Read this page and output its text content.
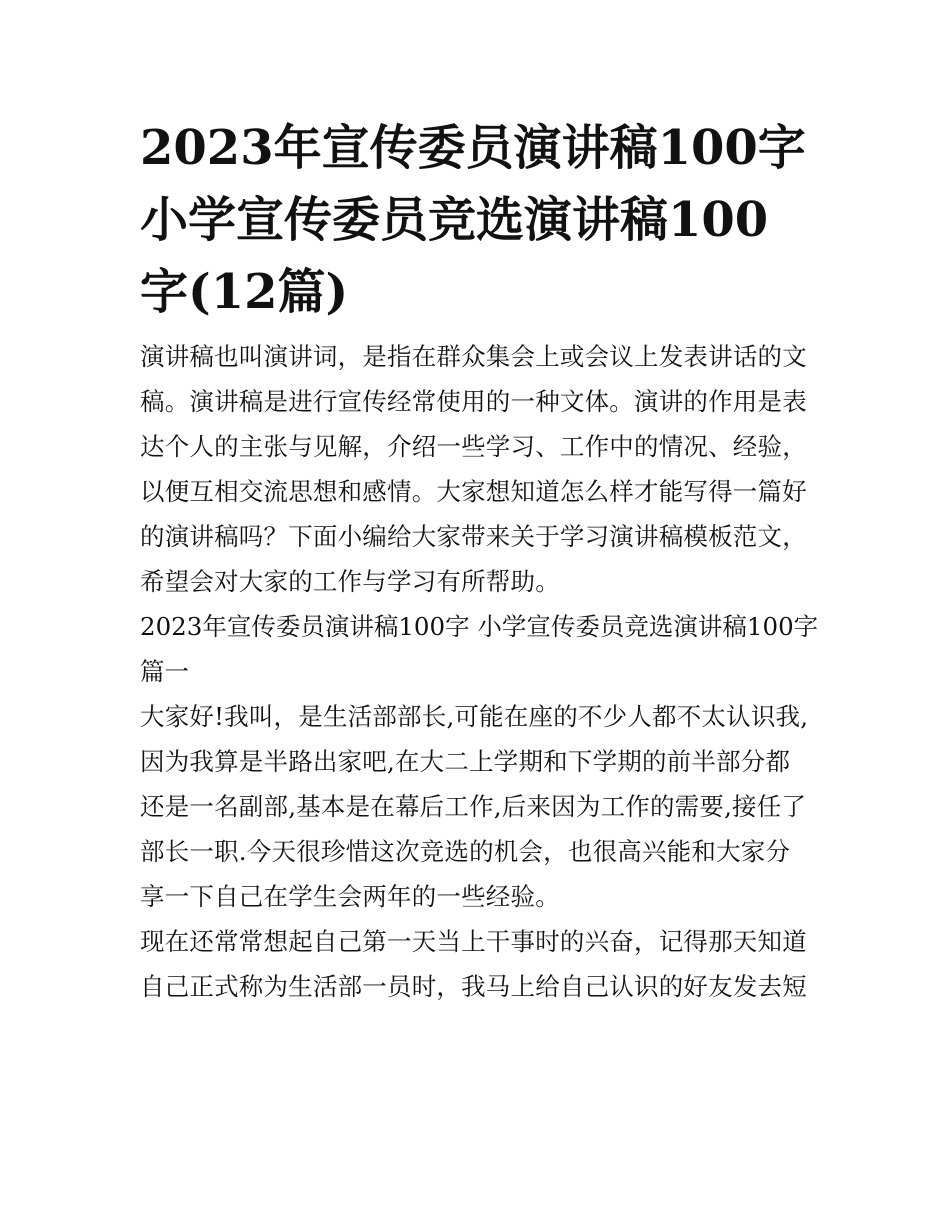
2023年宣传委员演讲稿100字
小学宣传委员竞选演讲稿100
字(12篇)

演讲稿也叫演讲词，是指在群众集会上或会议上发表讲话的文
稿。演讲稿是进行宣传经常使用的一种文体。演讲的作用是表
达个人的主张与见解，介绍一些学习、工作中的情况、经验，
以便互相交流思想和感情。大家想知道怎么样才能写得一篇好
的演讲稿吗？下面小编给大家带来关于学习演讲稿模板范文，
希望会对大家的工作与学习有所帮助。

2023年宣传委员演讲稿100字 小学宣传委员竞选演讲稿100字
篇一

大家好!我叫，是生活部部长,可能在座的不少人都不太认识我,
因为我算是半路出家吧,在大二上学期和下学期的前半部分都
还是一名副部,基本是在幕后工作,后来因为工作的需要,接任了
部长一职.今天很珍惜这次竞选的机会，也很高兴能和大家分
享一下自己在学生会两年的一些经验。

现在还常常想起自己第一天当上干事时的兴奋，记得那天知道
自己正式称为生活部一员时，我马上给自己认识的好友发去短
